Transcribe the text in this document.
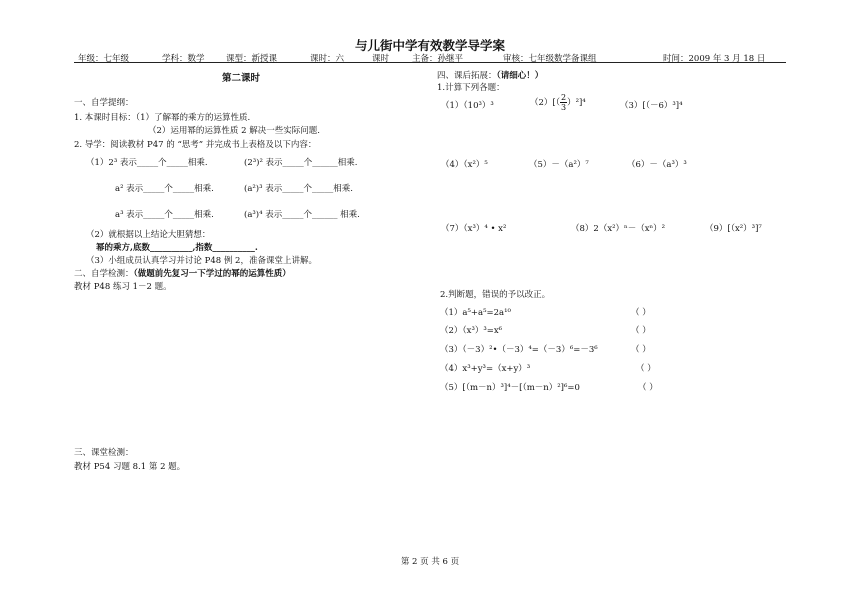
与儿街中学有效教学导学案
年级：七年级	学科：数学	课型：新授课	课时：六	课时	主备：孙继平	审核：七年级数学备课组	时间：2009 年 3 月 18 日
第二课时
一、自学提纲：
1. 本课时目标：（1）了解幂的乘方的运算性质.
（2）运用幂的运算性质 2 解决一些实际问题.
2. 导学：阅读教材 P47 的 “思考” 并完成书上表格及以下内容：
（1）2³ 表示_____个_____相乘.	(2³)² 表示_____个______相乘.
a² 表示_____个_____相乘.	(a²)³ 表示_____个_____相乘.
a³ 表示_____个_____相乘.	(a³)⁴ 表示_____个______ 相乘.
（2）就根据以上结论大胆猜想：
幂的乘方,底数__________,指数__________.
（3）小组成员认真学习并讨论 P48 例 2，准备课堂上讲解。
二、自学检测：（做题前先复习一下学过的幂的运算性质）
教材 P48 练习 1－2 题。
三、课堂检测：
教材 P54 习题 8.1 第 2 题。
四、课后拓展：（请细心！）
1.计算下列各题：
（1）（10³）³	$(2)[( \frac{2}{3} )^2]^4$	（3）[（－6）³]⁴
（4）（x²）⁵	（5）－（a²）⁷	（6）－（a³）³
（7）（x³）⁴ • x²	（8）2（x²）ⁿ－（xⁿ）²	（9）[（x²）³]⁷
2.判断题，错误的予以改正。
（1）a⁵+a⁵=2a¹⁰	（ ）
（2）（x³）³=x⁶	（ ）
（3）（－3）²•（－3）⁴=（－3）⁶=－3⁶	（ ）
（4）x³+y³=（x+y）³	（ ）
（5）[（m－n）³]⁴－[（m－n）²]⁶=0	（ ）
第 2 页 共 6 页
